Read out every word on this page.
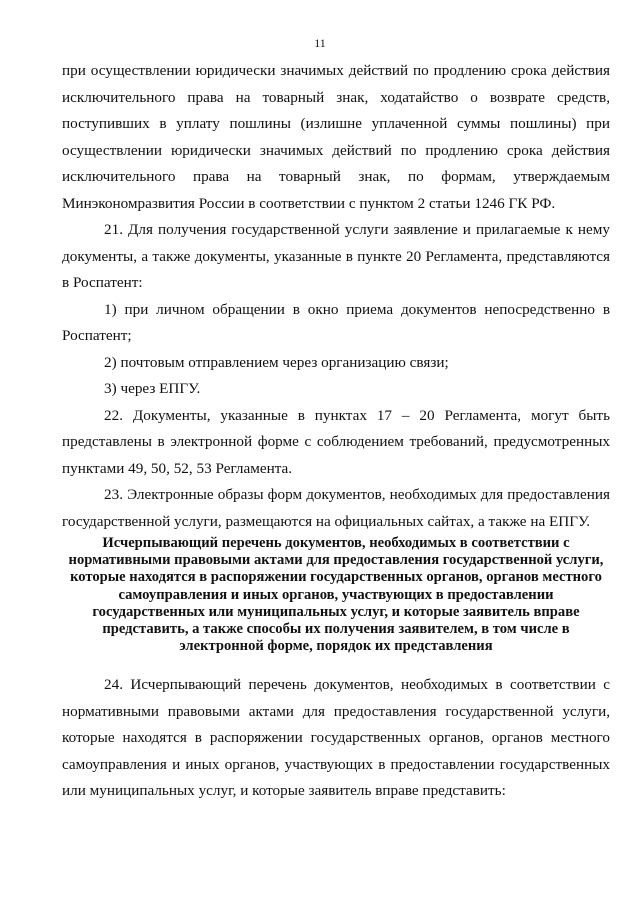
11

при осуществлении юридически значимых действий по продлению срока действия исключительного права на товарный знак, ходатайство о возврате средств, поступивших в уплату пошлины (излишне уплаченной суммы пошлины) при осуществлении юридически значимых действий по продлению срока действия исключительного права на товарный знак, по формам, утверждаемым Минэкономразвития России в соответствии с пунктом 2 статьи 1246 ГК РФ.

21. Для получения государственной услуги заявление и прилагаемые к нему документы, а также документы, указанные в пункте 20 Регламента, представляются в Роспатент:

1) при личном обращении в окно приема документов непосредственно в Роспатент;

2) почтовым отправлением через организацию связи;

3) через ЕПГУ.

22. Документы, указанные в пунктах 17 – 20 Регламента, могут быть представлены в электронной форме с соблюдением требований, предусмотренных пунктами 49, 50, 52, 53 Регламента.

23. Электронные образы форм документов, необходимых для предоставления государственной услуги, размещаются на официальных сайтах, а также на ЕПГУ.

Исчерпывающий перечень документов, необходимых в соответствии с нормативными правовыми актами для предоставления государственной услуги, которые находятся в распоряжении государственных органов, органов местного самоуправления и иных органов, участвующих в предоставлении государственных или муниципальных услуг, и которые заявитель вправе представить, а также способы их получения заявителем, в том числе в электронной форме, порядок их представления

24. Исчерпывающий перечень документов, необходимых в соответствии с нормативными правовыми актами для предоставления государственной услуги, которые находятся в распоряжении государственных органов, органов местного самоуправления и иных органов, участвующих в предоставлении государственных или муниципальных услуг, и которые заявитель вправе представить:
